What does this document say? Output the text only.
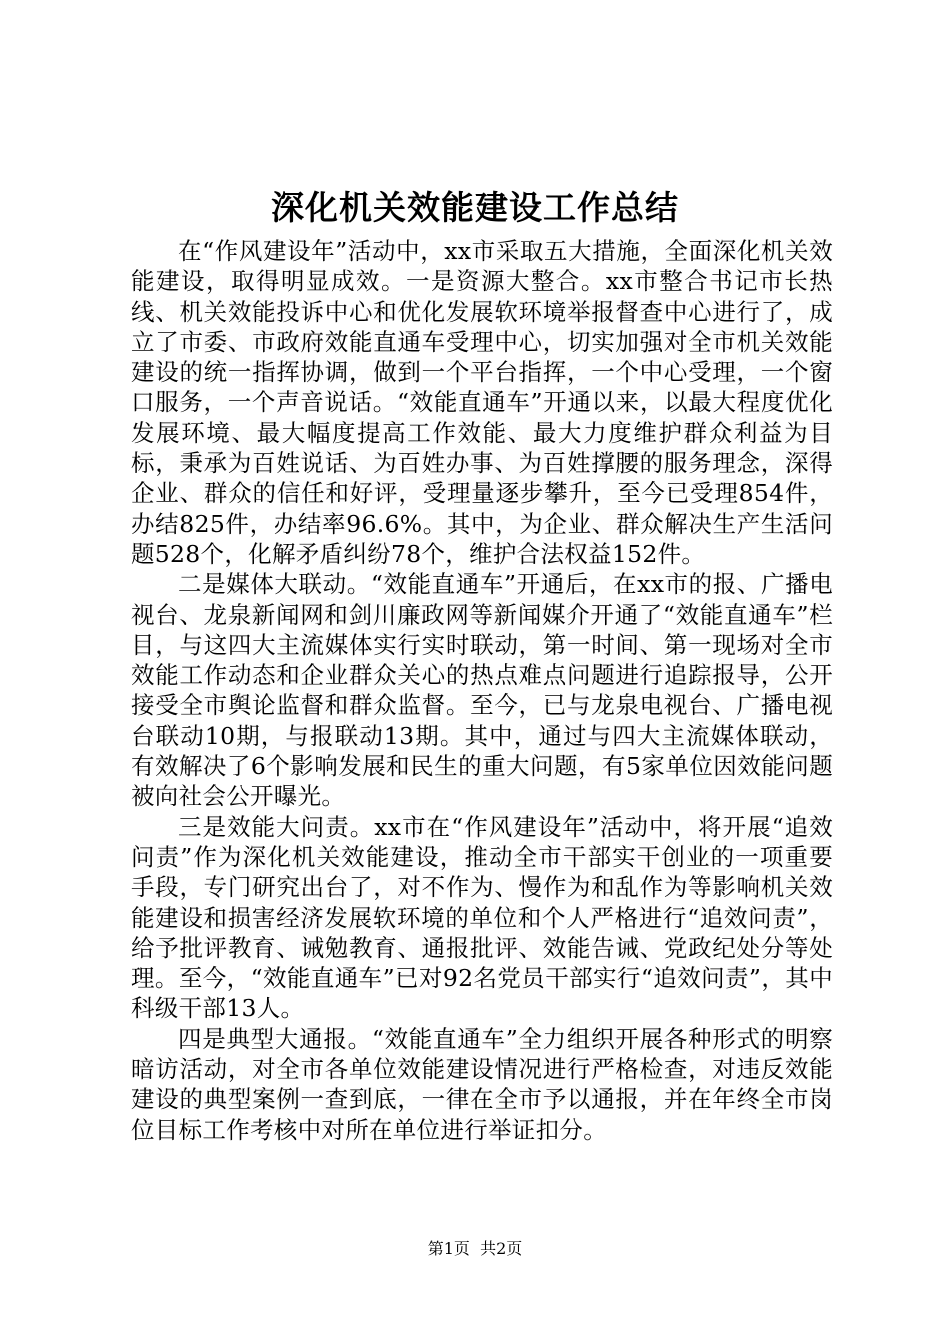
深化机关效能建设工作总结

在“作风建设年”活动中，xx市采取五大措施，全面深化机关效能建设，取得明显成效。一是资源大整合。xx市整合书记市长热线、机关效能投诉中心和优化发展软环境举报督查中心进行了，成立了市委、市政府效能直通车受理中心，切实加强对全市机关效能建设的统一指挥协调，做到一个平台指挥，一个中心受理，一个窗口服务，一个声音说话。“效能直通车”开通以来，以最大程度优化发展环境、最大幅度提高工作效能、最大力度维护群众利益为目标，秉承为百姓说话、为百姓办事、为百姓撑腰的服务理念，深得企业、群众的信任和好评，受理量逐步攀升，至今已受理854件，办结825件，办结率96.6%。其中，为企业、群众解决生产生活问题528个，化解矛盾纠纷78个，维护合法权益152件。

二是媒体大联动。“效能直通车”开通后，在xx市的报、广播电视台、龙泉新闻网和剑川廉政网等新闻媒介开通了“效能直通车”栏目，与这四大主流媒体实行实时联动，第一时间、第一现场对全市效能工作动态和企业群众关心的热点难点问题进行追踪报导，公开接受全市舆论监督和群众监督。至今，已与龙泉电视台、广播电视台联动10期，与报联动13期。其中，通过与四大主流媒体联动，有效解决了6个影响发展和民生的重大问题，有5家单位因效能问题被向社会公开曝光。

三是效能大问责。xx市在“作风建设年”活动中，将开展“追效问责”作为深化机关效能建设，推动全市干部实干创业的一项重要手段，专门研究出台了，对不作为、慢作为和乱作为等影响机关效能建设和损害经济发展软环境的单位和个人严格进行“追效问责”，给予批评教育、诫勉教育、通报批评、效能告诫、党政纪处分等处理。至今，“效能直通车”已对92名党员干部实行“追效问责”，其中科级干部13人。

四是典型大通报。“效能直通车”全力组织开展各种形式的明察暗访活动，对全市各单位效能建设情况进行严格检查，对违反效能建设的典型案例一查到底，一律在全市予以通报，并在年终全市岗位目标工作考核中对所在单位进行举证扣分。

第1页 共2页
